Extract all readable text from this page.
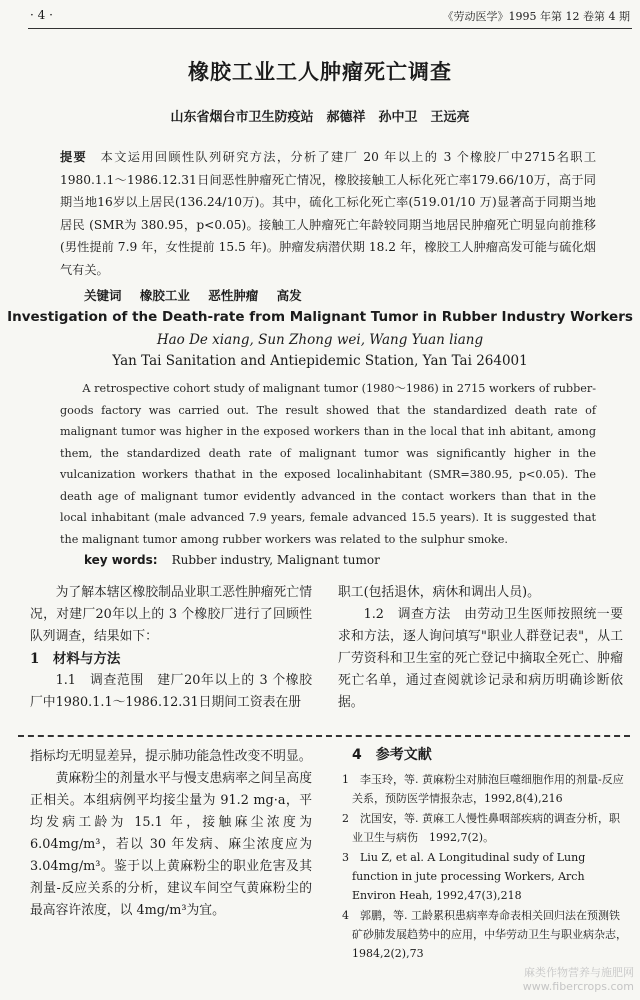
· 4 ·	《劳动医学》1995 年第 12 卷第 4 期
橡胶工业工人肿瘤死亡调查
山东省烟台市卫生防疫站　郝德祥　孙中卫　王远亮
提要　 本文运用回顾性队列研究方法，分析了建厂 20 年以上的 3 个橡胶厂中2715名职工1980.1.1～1986.12.31日间恶性肿瘤死亡情况，橡胶接触工人标化死亡率179.66/10万，高于同期当地16岁以上居民(136.24/10万)。其中，硫化工标化死亡率(519.01/10 万)显著高于同期当地居民 (SMR为 380.95，p<0.05)。接触工人肿瘤死亡年龄较同期当地居民肿瘤死亡明显向前推移(男性提前 7.9 年，女性提前 15.5 年)。肿瘤发病潜伏期 18.2 年，橡胶工人肿瘤高发可能与硫化烟气有关。
关键词 橡胶工业 恶性肿瘤 高发
Investigation of the Death-rate from Malignant Tumor in Rubber Industry Workers
Hao De xiang, Sun Zhong wei, Wang Yuan liang
Yan Tai Sanitation and Antiepidemic Station, Yan Tai 264001
A retrospective cohort study of malignant tumor (1980～1986) in 2715 workers of rubber-goods factory was carried out. The result showed that the standardized death rate of malignant tumor was higher in the exposed workers than in the local that inh abitant, among them, the standardized death rate of malignant tumor was significantly higher in the vulcanization workers thathat in the exposed localinhabitant (SMR=380.95, p<0.05). The death age of malignant tumor evidently advanced in the contact workers than that in the local inhabitant (male advanced 7.9 years, female advanced 15.5 years). It is suggested that the malignant tumor among rubber workers was related to the sulphur smoke.
key words: Rubber industry, Malignant tumor

为了解本辖区橡胶制品业职工恶性肿瘤死亡情况，对建厂20年以上的 3 个橡胶厂进行了回顾性队列调查，结果如下：

1　材料与方法

1.1　调查范围　建厂20年以上的 3 个橡胶厂中1980.1.1～1986.12.31日期间工资表在册

职工(包括退休，病休和调出人员)。

1.2　调查方法　由劳动卫生医师按照统一要求和方法，逐人询问填写"职业人群登记表"，从工厂劳资科和卫生室的死亡登记中摘取全死亡、肿瘤死亡名单，通过查阅就诊记录和病历明确诊断依据。

指标均无明显差异，提示肺功能急性改变不明显。

黄麻粉尘的剂量水平与慢支患病率之间呈高度正相关。本组病例平均接尘量为 91.2 mg·a，平均发病工龄为 15.1 年，接触麻尘浓度为6.04mg/m³，若以 30 年发病、麻尘浓度应为 3.04mg/m³。鉴于以上黄麻粉尘的职业危害及其剂量-反应关系的分析，建议车间空气黄麻粉尘的最高容许浓度，以 4mg/m³为宜。

4　参考文献

1　李玉玲，等. 黄麻粉尘对肺泡巨噬细胞作用的剂量-反应关系，预防医学情报杂志，1992,8(4),216

2　沈国安，等. 黄麻工人慢性鼻咽部疾病的调查分析，职业卫生与病伤　1992,7(2)。

3　Liu Z, et al. A Longitudinal sudy of Lung function in jute processing Workers, Arch Environ Heah, 1992,47(3),218

4　郭鹏，等. 工龄累积患病率寿命表相关回归法在预测铁矿砂肺发展趋势中的应用，中华劳动卫生与职业病杂志，1984,2(2),73

麻类作物营养与施肥网
www.fibercrops.com
